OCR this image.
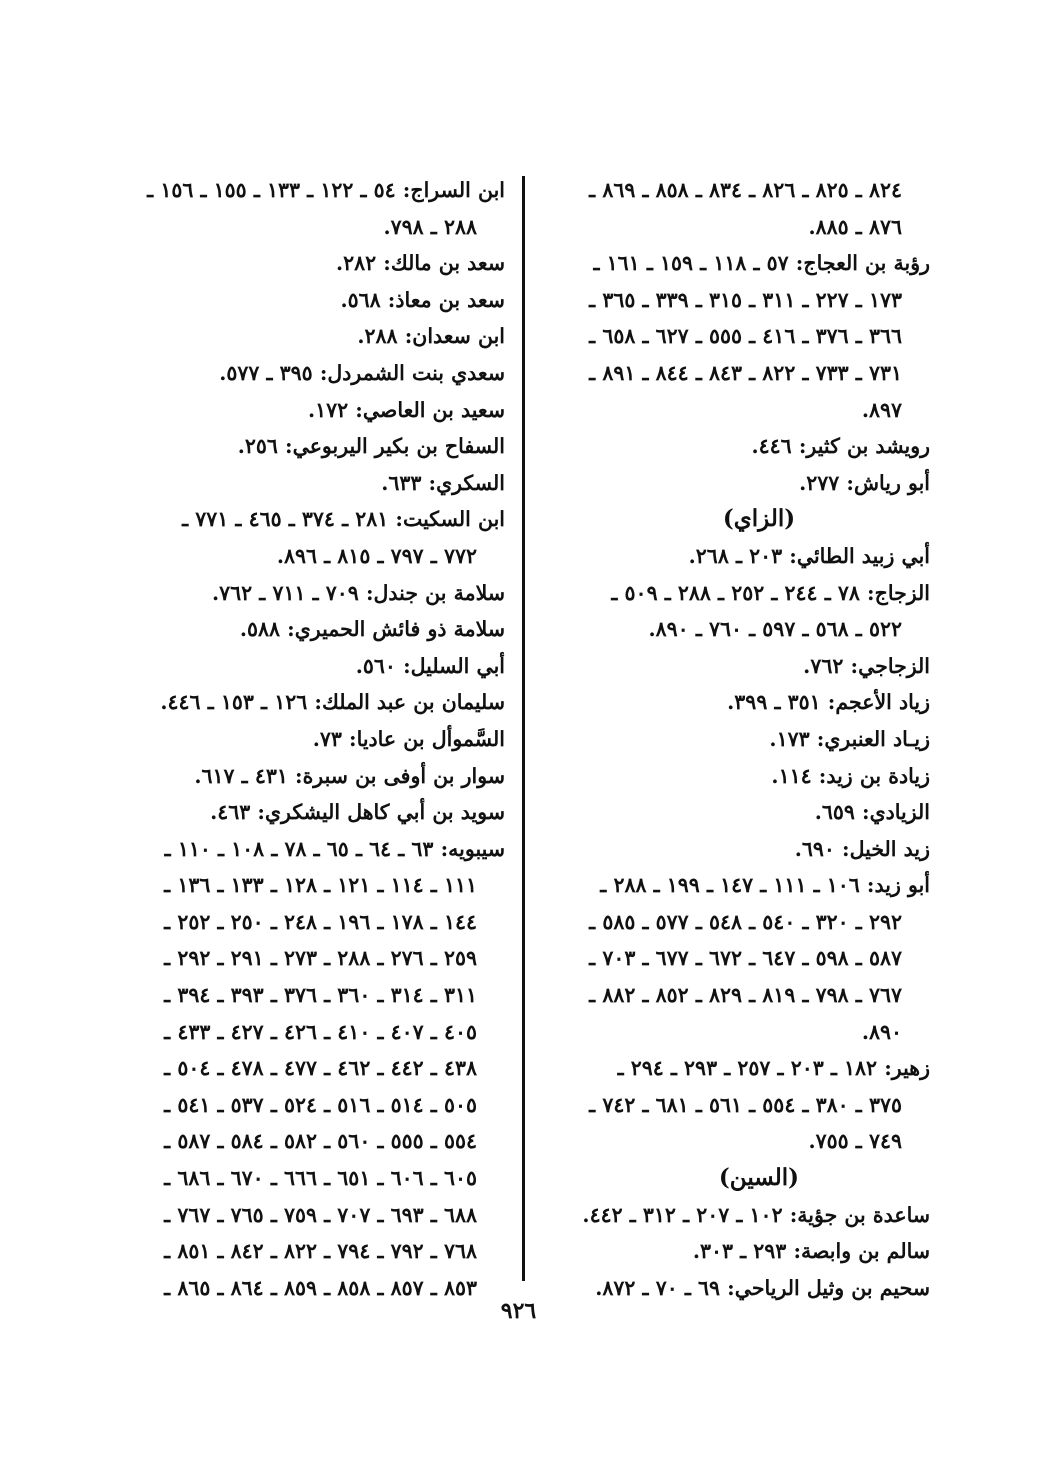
٨٢٤ ـ ٨٢٥ ـ ٨٢٦ ـ ٨٣٤ ـ ٨٥٨ ـ ٨٦٩ ـ
٨٧٦ ـ ٨٨٥.
رؤبة بن العجاج: ٥٧ ـ ١١٨ ـ ١٥٩ ـ ١٦١ ـ
١٧٣ ـ ٢٢٧ ـ ٣١١ ـ ٣١٥ ـ ٣٣٩ ـ ٣٦٥ ـ
٣٦٦ ـ ٣٧٦ ـ ٤١٦ ـ ٥٥٥ ـ ٦٢٧ ـ ٦٥٨ ـ
٧٣١ ـ ٧٣٣ ـ ٨٢٢ ـ ٨٤٣ ـ ٨٤٤ ـ ٨٩١ ـ
٨٩٧.
رويشد بن كثير: ٤٤٦.
أبو رياش: ٢٧٧.
(الزاي)
أبي زبيد الطائي: ٢٠٣ ـ ٢٦٨.
الزجاج: ٧٨ ـ ٢٤٤ ـ ٢٥٢ ـ ٢٨٨ ـ ٥٠٩ ـ
٥٢٢ ـ ٥٦٨ ـ ٥٩٧ ـ ٧٦٠ ـ ٨٩٠.
الزجاجي: ٧٦٢.
زياد الأعجم: ٣٥١ ـ ٣٩٩.
زيـاد العنبري: ١٧٣.
زيادة بن زيد: ١١٤.
الزيادي: ٦٥٩.
زيد الخيل: ٦٩٠.
أبو زيد: ١٠٦ ـ ١١١ ـ ١٤٧ ـ ١٩٩ ـ ٢٨٨ ـ
٢٩٢ ـ ٣٢٠ ـ ٥٤٠ ـ ٥٤٨ ـ ٥٧٧ ـ ٥٨٥ ـ
٥٨٧ ـ ٥٩٨ ـ ٦٤٧ ـ ٦٧٢ ـ ٦٧٧ ـ ٧٠٣ ـ
٧٦٧ ـ ٧٩٨ ـ ٨١٩ ـ ٨٢٩ ـ ٨٥٢ ـ ٨٨٢ ـ
٨٩٠.
زهير: ١٨٢ ـ ٢٠٣ ـ ٢٥٧ ـ ٢٩٣ ـ ٢٩٤ ـ
٣٧٥ ـ ٣٨٠ ـ ٥٥٤ ـ ٥٦١ ـ ٦٨١ ـ ٧٤٢ ـ
٧٤٩ ـ ٧٥٥.
(السين)
ساعدة بن جؤية: ١٠٢ ـ ٢٠٧ ـ ٣١٢ ـ ٤٤٢.
سالم بن وابصة: ٢٩٣ ـ ٣٠٣.
سحيم بن وثيل الرياحي: ٦٩ ـ ٧٠ ـ ٨٧٢.
ابن السراج: ٥٤ ـ ١٢٢ ـ ١٣٣ ـ ١٥٥ ـ ١٥٦ ـ
٢٨٨ ـ ٧٩٨.
سعد بن مالك: ٢٨٢.
سعد بن معاذ: ٥٦٨.
ابن سعدان: ٢٨٨.
سعدي بنت الشمردل: ٣٩٥ ـ ٥٧٧.
سعيد بن العاصي: ١٧٢.
السفاح بن بكير اليربوعي: ٢٥٦.
السكري: ٦٣٣.
ابن السكيت: ٢٨١ ـ ٣٧٤ ـ ٤٦٥ ـ ٧٧١ ـ
٧٧٢ ـ ٧٩٧ ـ ٨١٥ ـ ٨٩٦.
سلامة بن جندل: ٧٠٩ ـ ٧١١ ـ ٧٦٢.
سلامة ذو فائش الحميري: ٥٨٨.
أبي السليل: ٥٦٠.
سليمان بن عبد الملك: ١٢٦ ـ ١٥٣ ـ ٤٤٦.
السَّموأل بن عاديا: ٧٣.
سوار بن أوفى بن سبرة: ٤٣١ ـ ٦١٧.
سويد بن أبي كاهل اليشكري: ٤٦٣.
سيبويه: ٦٣ ـ ٦٤ ـ ٦٥ ـ ٧٨ ـ ١٠٨ ـ ١١٠ ـ
١١١ ـ ١١٤ ـ ١٢١ ـ ١٢٨ ـ ١٣٣ ـ ١٣٦ ـ
١٤٤ ـ ١٧٨ ـ ١٩٦ ـ ٢٤٨ ـ ٢٥٠ ـ ٢٥٢ ـ
٢٥٩ ـ ٢٧٦ ـ ٢٨٨ ـ ٢٧٣ ـ ٢٩١ ـ ٢٩٢ ـ
٣١١ ـ ٣١٤ ـ ٣٦٠ ـ ٣٧٦ ـ ٣٩٣ ـ ٣٩٤ ـ
٤٠٥ ـ ٤٠٧ ـ ٤١٠ ـ ٤٢٦ ـ ٤٢٧ ـ ٤٣٣ ـ
٤٣٨ ـ ٤٤٢ ـ ٤٦٢ ـ ٤٧٧ ـ ٤٧٨ ـ ٥٠٤ ـ
٥٠٥ ـ ٥١٤ ـ ٥١٦ ـ ٥٢٤ ـ ٥٣٧ ـ ٥٤١ ـ
٥٥٤ ـ ٥٥٥ ـ ٥٦٠ ـ ٥٨٢ ـ ٥٨٤ ـ ٥٨٧ ـ
٦٠٥ ـ ٦٠٦ ـ ٦٥١ ـ ٦٦٦ ـ ٦٧٠ ـ ٦٨٦ ـ
٦٨٨ ـ ٦٩٣ ـ ٧٠٧ ـ ٧٥٩ ـ ٧٦٥ ـ ٧٦٧ ـ
٧٦٨ ـ ٧٩٢ ـ ٧٩٤ ـ ٨٢٢ ـ ٨٤٢ ـ ٨٥١ ـ
٨٥٣ ـ ٨٥٧ ـ ٨٥٨ ـ ٨٥٩ ـ ٨٦٤ ـ ٨٦٥ ـ
٩٢٦
